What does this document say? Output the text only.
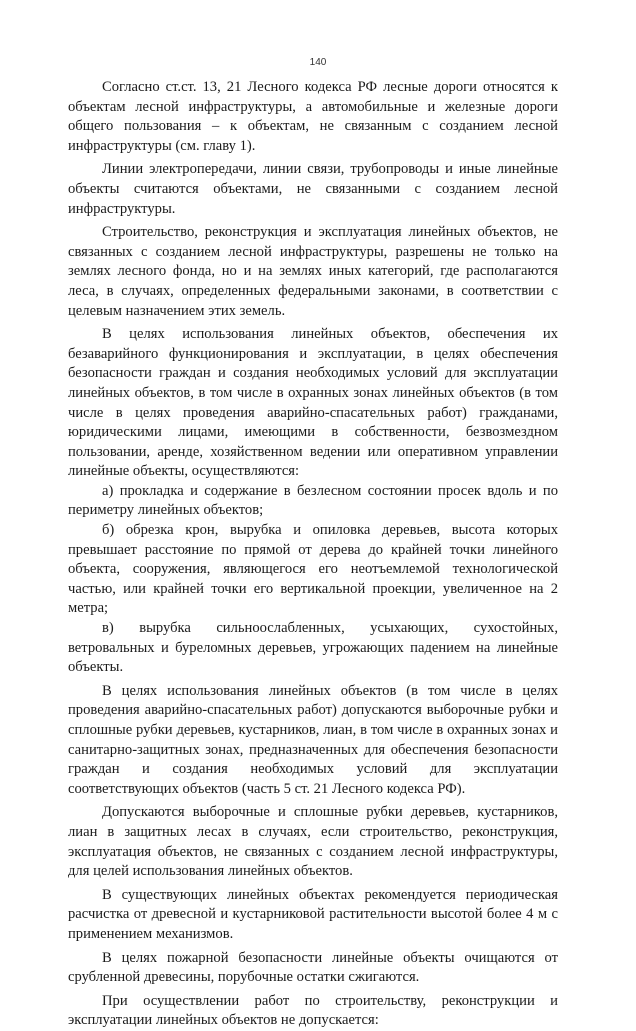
140

Согласно ст.ст. 13, 21 Лесного кодекса РФ лесные дороги относятся к объектам лесной инфраструктуры, а автомобильные и железные дороги общего пользования – к объектам, не связанным с созданием лесной инфраструктуры (см. главу 1).

Линии электропередачи, линии связи, трубопроводы и иные линейные объекты считаются объектами, не связанными с созданием лесной инфраструктуры.

Строительство, реконструкция и эксплуатация линейных объектов, не связанных с созданием лесной инфраструктуры, разрешены не только на землях лесного фонда, но и на землях иных категорий, где располагаются леса, в случаях, определенных федеральными законами, в соответствии с целевым назначением этих земель.

В целях использования линейных объектов, обеспечения их безаварийного функционирования и эксплуатации, в целях обеспечения безопасности граждан и создания необходимых условий для эксплуатации линейных объектов, в том числе в охранных зонах линейных объектов (в том числе в целях проведения аварийно-спасательных работ) гражданами, юридическими лицами, имеющими в собственности, безвозмездном пользовании, аренде, хозяйственном ведении или оперативном управлении линейные объекты, осуществляются:

а) прокладка и содержание в безлесном состоянии просек вдоль и по периметру линейных объектов;

б) обрезка крон, вырубка и опиловка деревьев, высота которых превышает расстояние по прямой от дерева до крайней точки линейного объекта, сооружения, являющегося его неотъемлемой технологической частью, или крайней точки его вертикальной проекции, увеличенное на 2 метра;

в) вырубка сильноослабленных, усыхающих, сухостойных, ветровальных и буреломных деревьев, угрожающих падением на линейные объекты.

В целях использования линейных объектов (в том числе в целях проведения аварийно-спасательных работ) допускаются выборочные рубки и сплошные рубки деревьев, кустарников, лиан, в том числе в охранных зонах и санитарно-защитных зонах, предназначенных для обеспечения безопасности граждан и создания необходимых условий для эксплуатации соответствующих объектов (часть 5 ст. 21 Лесного кодекса РФ).

Допускаются выборочные и сплошные рубки деревьев, кустарников, лиан в защитных лесах в случаях, если строительство, реконструкция, эксплуатация объектов, не связанных с созданием лесной инфраструктуры, для целей использования линейных объектов.

В существующих линейных объектах рекомендуется периодическая расчистка от древесной и кустарниковой растительности высотой более 4 м с применением механизмов.

В целях пожарной безопасности линейные объекты очищаются от срубленной древесины, порубочные остатки сжигаются.

При осуществлении работ по строительству, реконструкции и эксплуатации линейных объектов не допускается:
